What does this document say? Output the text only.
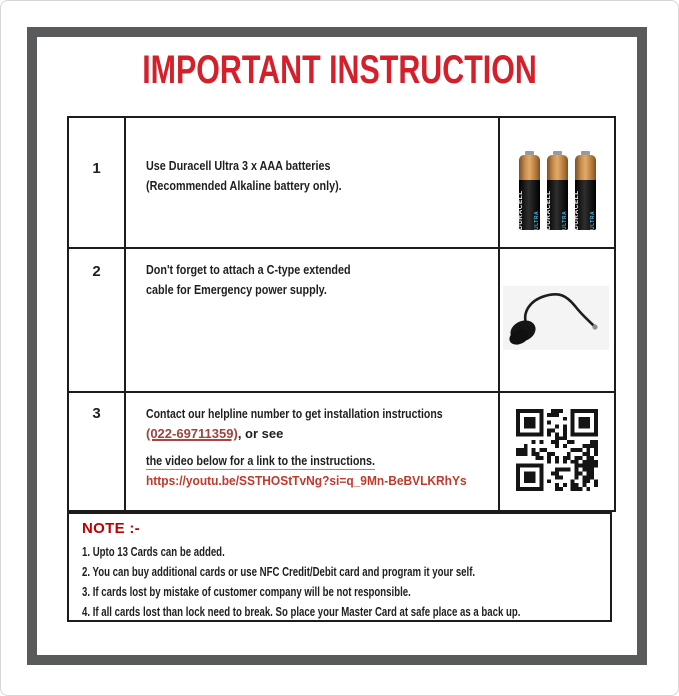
IMPORTANT INSTRUCTION
1	Use Duracell Ultra 3 x AAA batteries
(Recommended Alkaline battery only).
DURACELL ULTRA DURACELL ULTRA DURACELL ULTRA
2	Don't forget to attach a C-type extended
cable for Emergency power supply.
3	Contact our helpline number to get installation instructions
(022-69711359), or see
the video below for a link to the instructions.
https://youtu.be/SSTHOStTvNg?si=q_9Mn-BeBVLKRhYs
NOTE :-
1. Upto 13 Cards can be added.
2. You can buy additional cards or use NFC Credit/Debit card and program it your self.
3. If cards lost by mistake of customer company will be not responsible.
4. If all cards lost than lock need to break. So place your Master Card at safe place as a back up.
